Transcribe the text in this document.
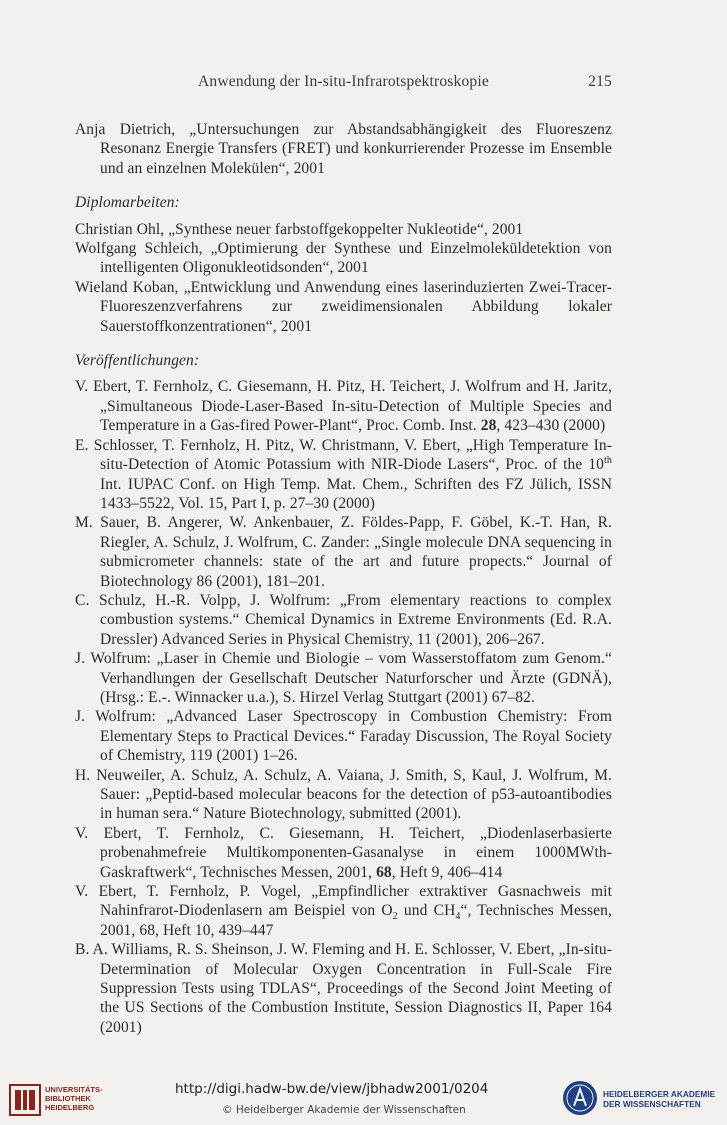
Anwendung der In-situ-Infrarotspektroskopie	215

Anja Dietrich, „Untersuchungen zur Abstandsabhängigkeit des Fluoreszenz Resonanz Energie Transfers (FRET) und konkurrierender Prozesse im Ensemble und an einzelnen Molekülen“, 2001

Diplomarbeiten:

Christian Ohl, „Synthese neuer farbstoffgekoppelter Nukleotide“, 2001

Wolfgang Schleich, „Optimierung der Synthese und Einzelmoleküldetektion von intelligenten Oligonukleotidsonden“, 2001

Wieland Koban, „Entwicklung und Anwendung eines laserinduzierten Zwei-Tracer-Fluoreszenzverfahrens zur zweidimensionalen Abbildung lokaler Sauerstoffkonzentrationen“, 2001

Veröffentlichungen:

V. Ebert, T. Fernholz, C. Giesemann, H. Pitz, H. Teichert, J. Wolfrum and H. Jaritz, „Simultaneous Diode-Laser-Based In-situ-Detection of Multiple Species and Temperature in a Gas-fired Power-Plant“, Proc. Comb. Inst. 28, 423–430 (2000)

E. Schlosser, T. Fernholz, H. Pitz, W. Christmann, V. Ebert, „High Temperature In-situ-Detection of Atomic Potassium with NIR-Diode Lasers“, Proc. of the 10th Int. IUPAC Conf. on High Temp. Mat. Chem., Schriften des FZ Jülich, ISSN 1433–5522, Vol. 15, Part I, p. 27–30 (2000)

M. Sauer, B. Angerer, W. Ankenbauer, Z. Földes-Papp, F. Göbel, K.-T. Han, R. Riegler, A. Schulz, J. Wolfrum, C. Zander: „Single molecule DNA sequencing in submicrometer channels: state of the art and future propects.“ Journal of Biotechnology 86 (2001), 181–201.

C. Schulz, H.-R. Volpp, J. Wolfrum: „From elementary reactions to complex combustion systems.“ Chemical Dynamics in Extreme Environments (Ed. R.A. Dressler) Advanced Series in Physical Chemistry, 11 (2001), 206–267.

J. Wolfrum: „Laser in Chemie und Biologie – vom Wasserstoffatom zum Genom.“ Verhandlungen der Gesellschaft Deutscher Naturforscher und Ärzte (GDNÄ), (Hrsg.: E.-. Winnacker u.a.), S. Hirzel Verlag Stuttgart (2001) 67–82.

J. Wolfrum: „Advanced Laser Spectroscopy in Combustion Chemistry: From Elementary Steps to Practical Devices.“ Faraday Discussion, The Royal Society of Chemistry, 119 (2001) 1–26.

H. Neuweiler, A. Schulz, A. Schulz, A. Vaiana, J. Smith, S, Kaul, J. Wolfrum, M. Sauer: „Peptid-based molecular beacons for the detection of p53-autoantibodies in human sera.“ Nature Biotechnology, submitted (2001).

V. Ebert, T. Fernholz, C. Giesemann, H. Teichert, „Diodenlaserbasierte probenahmefreie Multikomponenten-Gasanalyse in einem 1000MWth-Gaskraftwerk“, Technisches Messen, 2001, 68, Heft 9, 406–414

V. Ebert, T. Fernholz, P. Vogel, „Empfindlicher extraktiver Gasnachweis mit Nahinfrarot-Diodenlasern am Beispiel von $O_2$ und $CH_4“$, Technisches Messen, 2001, 68, Heft 10, 439–447

B. A. Williams, R. S. Sheinson, J. W. Fleming and H. E. Schlosser, V. Ebert, „In-situ-Determination of Molecular Oxygen Concentration in Full-Scale Fire Suppression Tests using TDLAS“, Proceedings of the Second Joint Meeting of the US Sections of the Combustion Institute, Session Diagnostics II, Paper 164 (2001)

UNIVERSITÄTS-
BIBLIOTHEK
HEIDELBERG
http://digi.hadw-bw.de/view/jbhadw2001/0204
© Heidelberger Akademie der Wissenschaften
HEIDELBERGER AKADEMIE
DER WISSENSCHAFTEN
